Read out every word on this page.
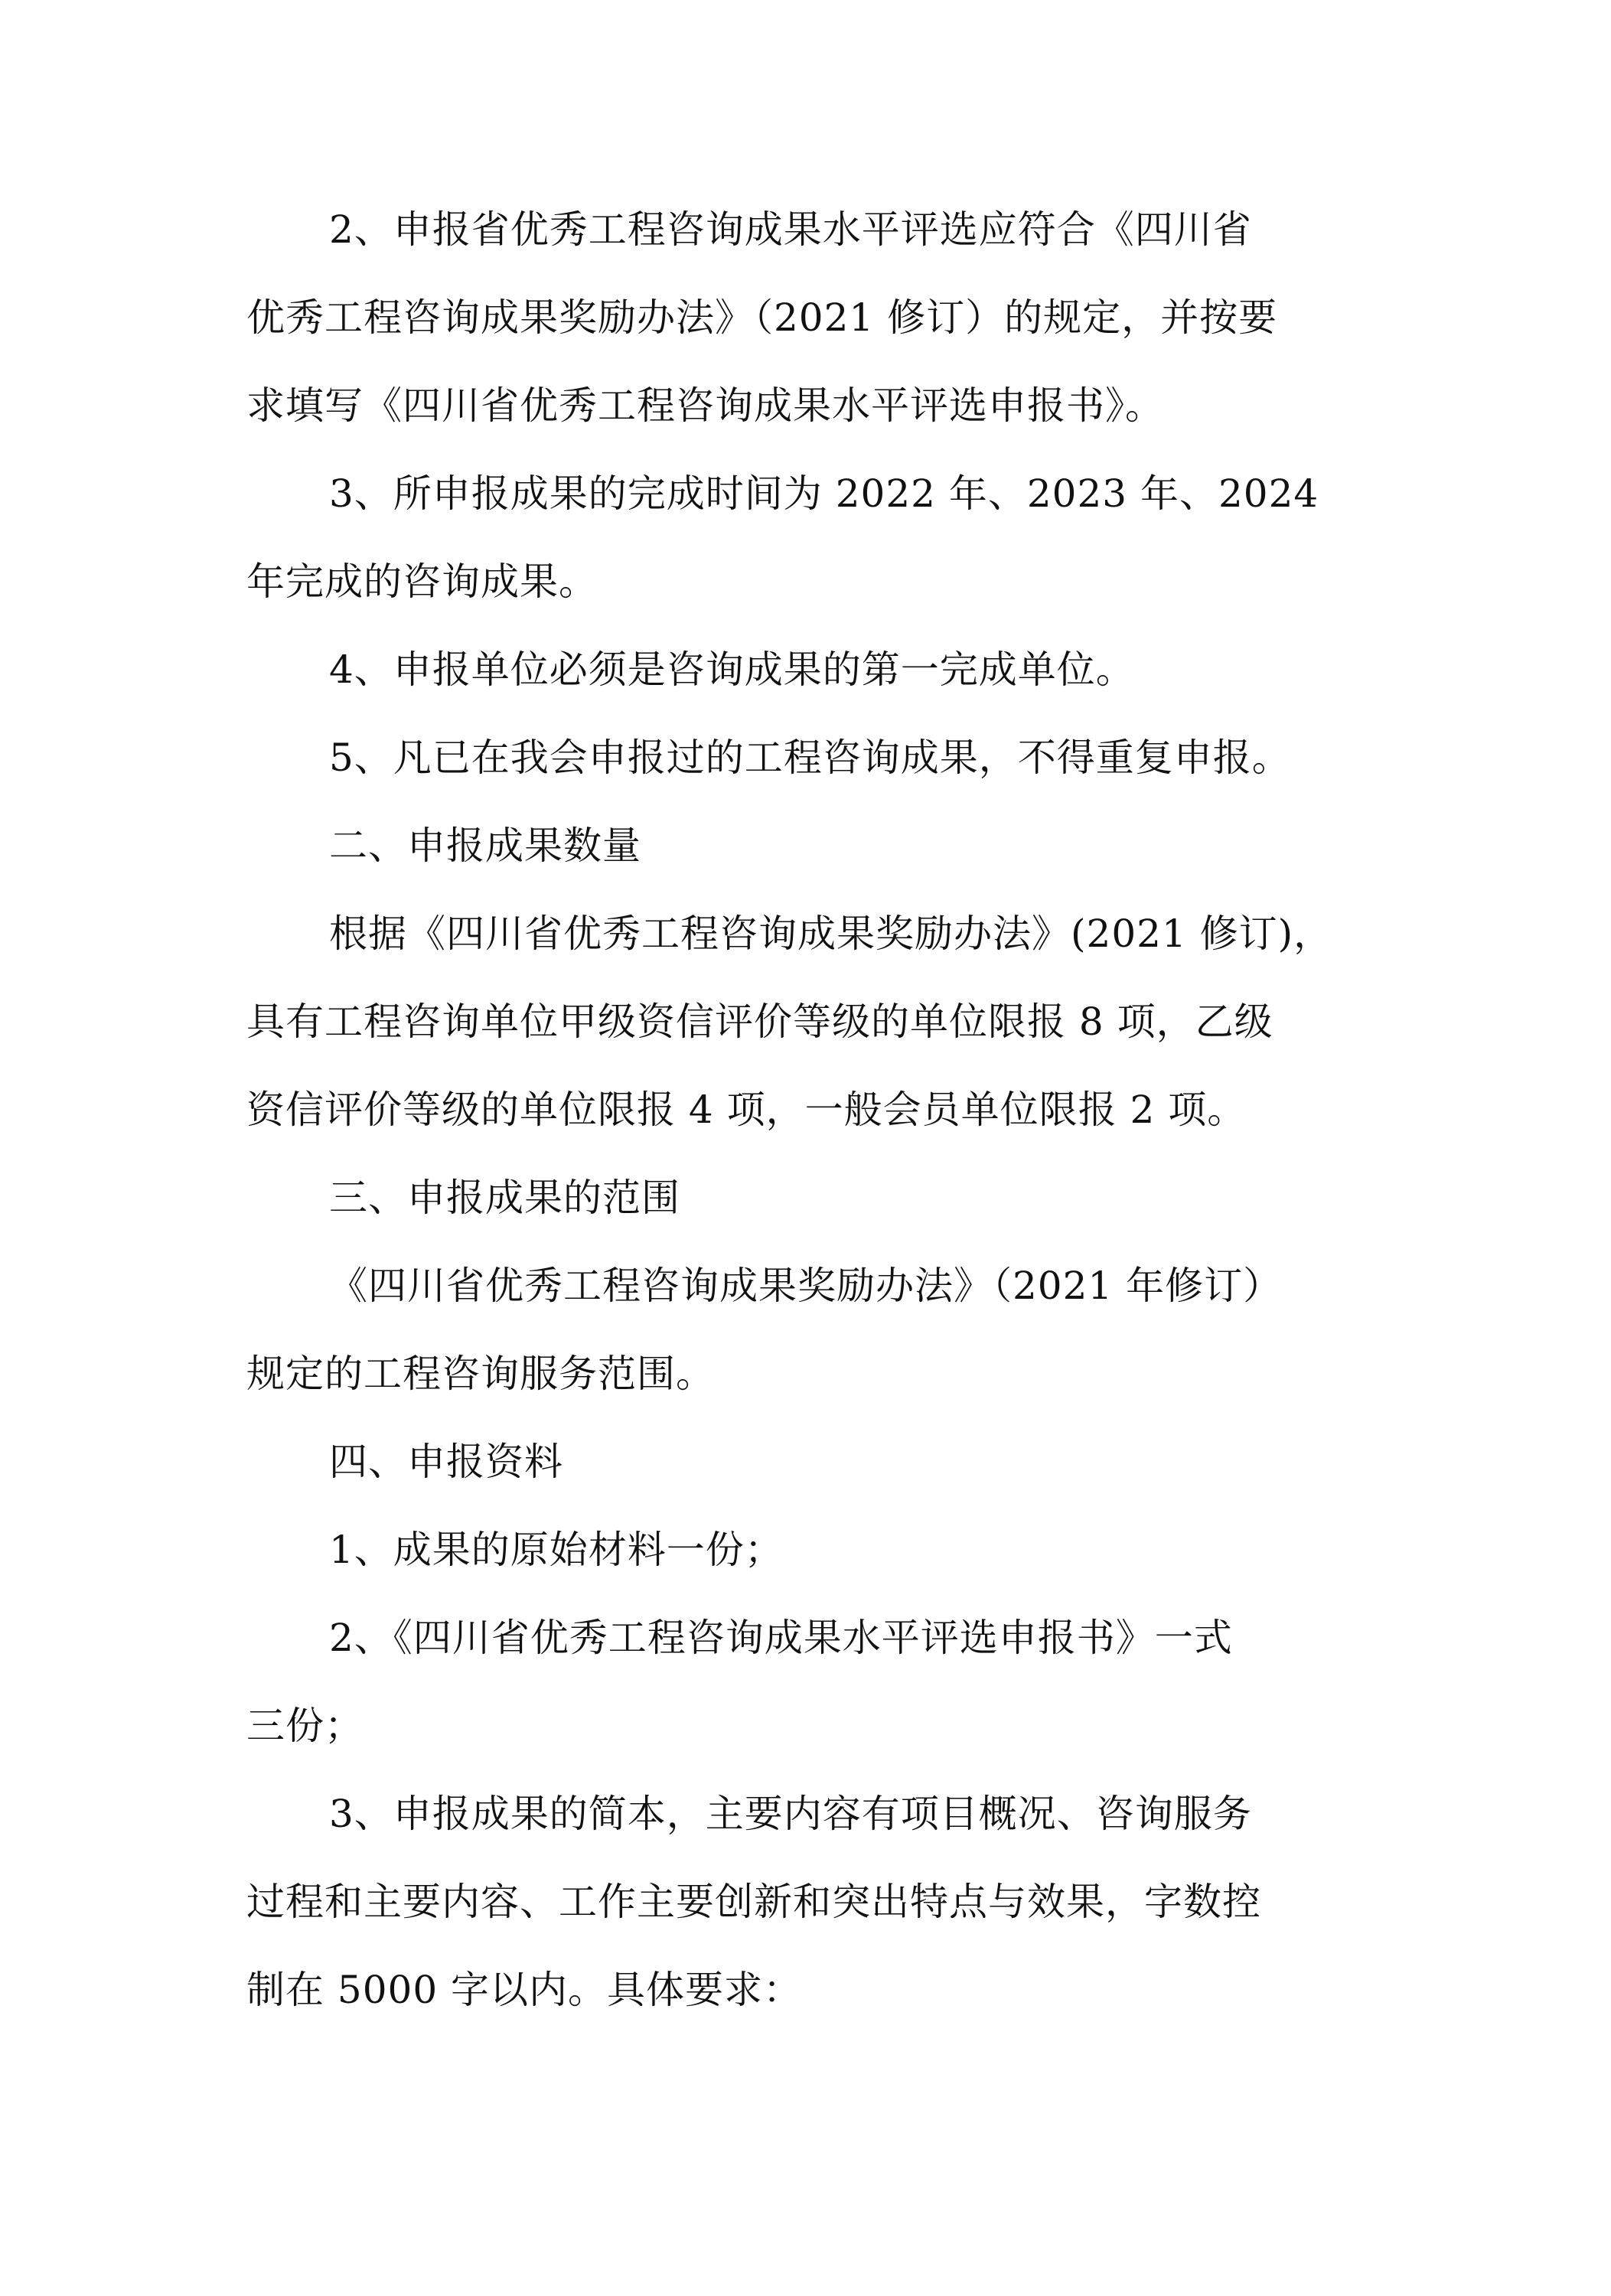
2、申报省优秀工程咨询成果水平评选应符合《四川省
优秀工程咨询成果奖励办法》（2021 修订）的规定，并按要
求填写《四川省优秀工程咨询成果水平评选申报书》。
3、所申报成果的完成时间为 2022 年、2023 年、2024
年完成的咨询成果。
4、申报单位必须是咨询成果的第一完成单位。
5、凡已在我会申报过的工程咨询成果，不得重复申报。
二、申报成果数量
根据《四川省优秀工程咨询成果奖励办法》(2021 修订)，
具有工程咨询单位甲级资信评价等级的单位限报 8 项，乙级
资信评价等级的单位限报 4 项，一般会员单位限报 2 项。
三、申报成果的范围
《四川省优秀工程咨询成果奖励办法》（2021 年修订）
规定的工程咨询服务范围。
四、申报资料
1、成果的原始材料一份；
2、《四川省优秀工程咨询成果水平评选申报书》一式
三份；
3、申报成果的简本，主要内容有项目概况、咨询服务
过程和主要内容、工作主要创新和突出特点与效果，字数控
制在 5000 字以内。具体要求：
